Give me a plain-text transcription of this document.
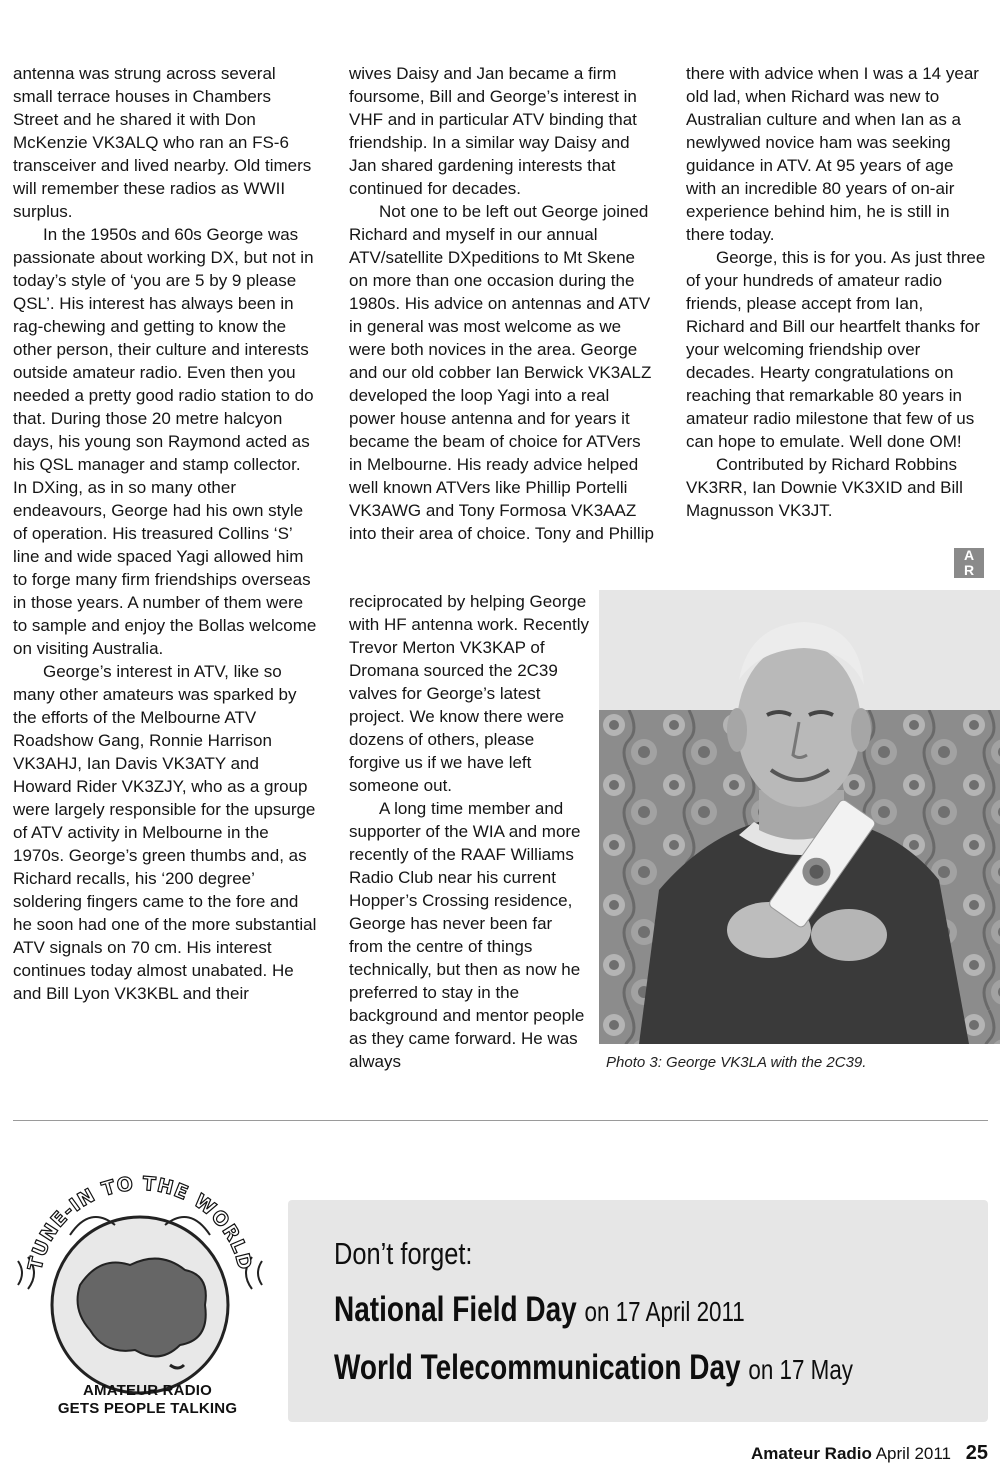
antenna was strung across several small terrace houses in Chambers Street and he shared it with Don McKenzie VK3ALQ who ran an FS-6 transceiver and lived nearby. Old timers will remember these radios as WWII surplus.

In the 1950s and 60s George was passionate about working DX, but not in today’s style of ‘you are 5 by 9 please QSL’. His interest has always been in rag-chewing and getting to know the other person, their culture and interests outside amateur radio. Even then you needed a pretty good radio station to do that. During those 20 metre halcyon days, his young son Raymond acted as his QSL manager and stamp collector. In DXing, as in so many other endeavours, George had his own style of operation. His treasured Collins ‘S’ line and wide spaced Yagi allowed him to forge many firm friendships overseas in those years. A number of them were to sample and enjoy the Bollas welcome on visiting Australia.

George’s interest in ATV, like so many other amateurs was sparked by the efforts of the Melbourne ATV Roadshow Gang, Ronnie Harrison VK3AHJ, Ian Davis VK3ATY and Howard Rider VK3ZJY, who as a group were largely responsible for the upsurge of ATV activity in Melbourne in the 1970s. George’s green thumbs and, as Richard recalls, his ‘200 degree’ soldering fingers came to the fore and he soon had one of the more substantial ATV signals on 70 cm. His interest continues today almost unabated. He and Bill Lyon VK3KBL and their

wives Daisy and Jan became a firm foursome, Bill and George’s interest in VHF and in particular ATV binding that friendship. In a similar way Daisy and Jan shared gardening interests that continued for decades.

Not one to be left out George joined Richard and myself in our annual ATV/satellite DXpeditions to Mt Skene on more than one occasion during the 1980s. His advice on antennas and ATV in general was most welcome as we were both novices in the area. George and our old cobber Ian Berwick VK3ALZ developed the loop Yagi into a real power house antenna and for years it became the beam of choice for ATVers in Melbourne. His ready advice helped well known ATVers like Phillip Portelli VK3AWG and Tony Formosa VK3AAZ into their area of choice. Tony and Phillip

reciprocated by helping George with HF antenna work. Recently Trevor Merton VK3KAP of Dromana sourced the 2C39 valves for George’s latest project. We know there were dozens of others, please forgive us if we have left someone out.

A long time member and supporter of the WIA and more recently of the RAAF Williams Radio Club near his current Hopper’s Crossing residence, George has never been far from the centre of things technically, but then as now he preferred to stay in the background and mentor people as they came forward. He was always

there with advice when I was a 14 year old lad, when Richard was new to Australian culture and when Ian as a newlywed novice ham was seeking guidance in ATV. At 95 years of age with an incredible 80 years of on-air experience behind him, he is still in there today.

George, this is for you. As just three of your hundreds of amateur radio friends, please accept from Ian, Richard and Bill our heartfelt thanks for your welcoming friendship over decades. Hearty congratulations on reaching that remarkable 80 years in amateur radio milestone that few of us can hope to emulate. Well done OM!

Contributed by Richard Robbins VK3RR, Ian Downie VK3XID and Bill Magnusson VK3JT.

A
R
Photo 3: George VK3LA with the 2C39.
TUNE-IN TO THE WORLD
AMATEUR RADIO
GETS PEOPLE TALKING
Don’t forget:
National Field Day on 17 April 2011
World Telecommunication Day on 17 May
Amateur Radio April 2011 25
